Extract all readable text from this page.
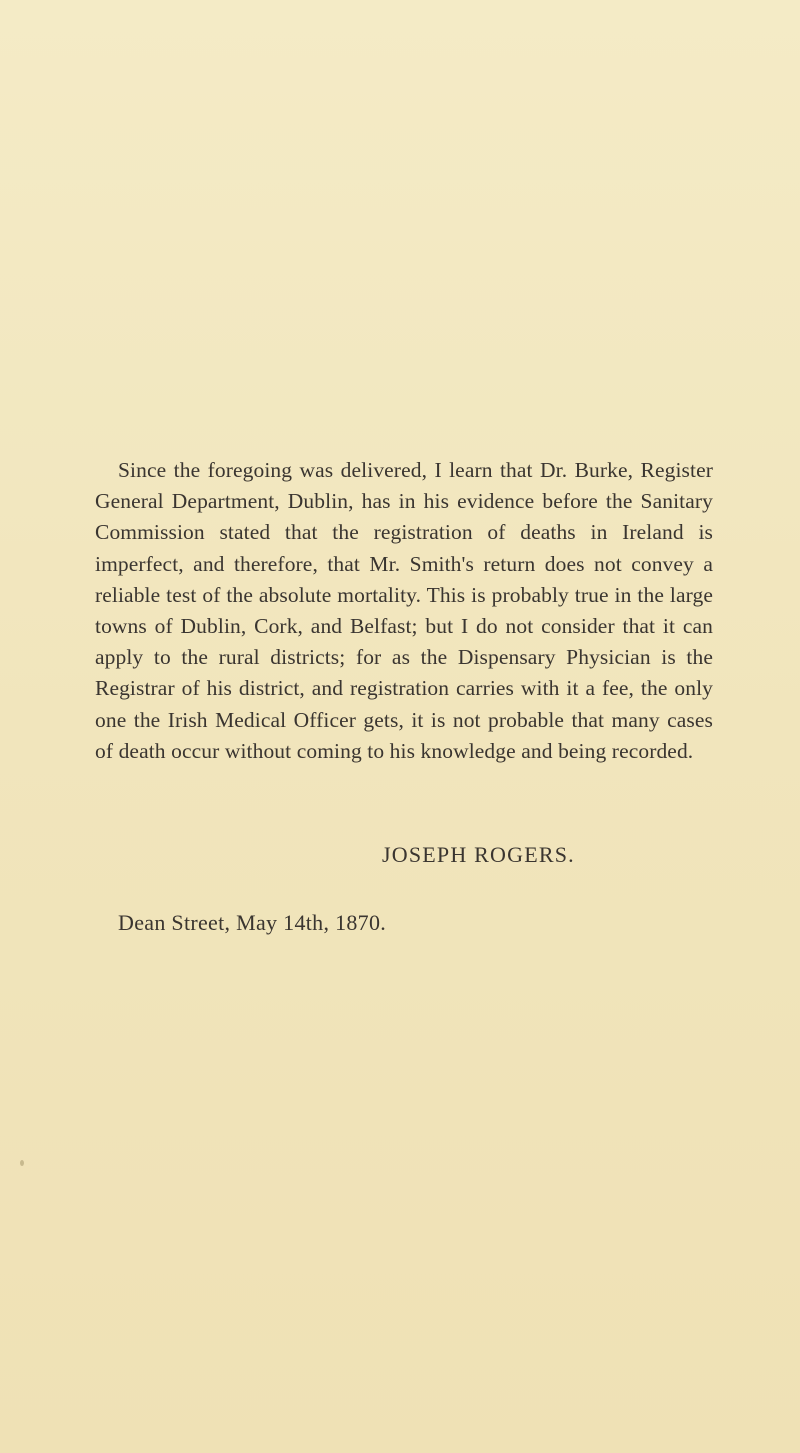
Since the foregoing was delivered, I learn that Dr. Burke, Register General Department, Dublin, has in his evidence before the Sanitary Commission stated that the registration of deaths in Ireland is imperfect, and therefore, that Mr. Smith's return does not convey a reliable test of the absolute mortality. This is probably true in the large towns of Dublin, Cork, and Belfast; but I do not consider that it can apply to the rural districts; for as the Dispensary Physician is the Registrar of his district, and registration carries with it a fee, the only one the Irish Medical Officer gets, it is not probable that many cases of death occur without coming to his knowledge and being recorded.

JOSEPH ROGERS.

Dean Street, May 14th, 1870.
